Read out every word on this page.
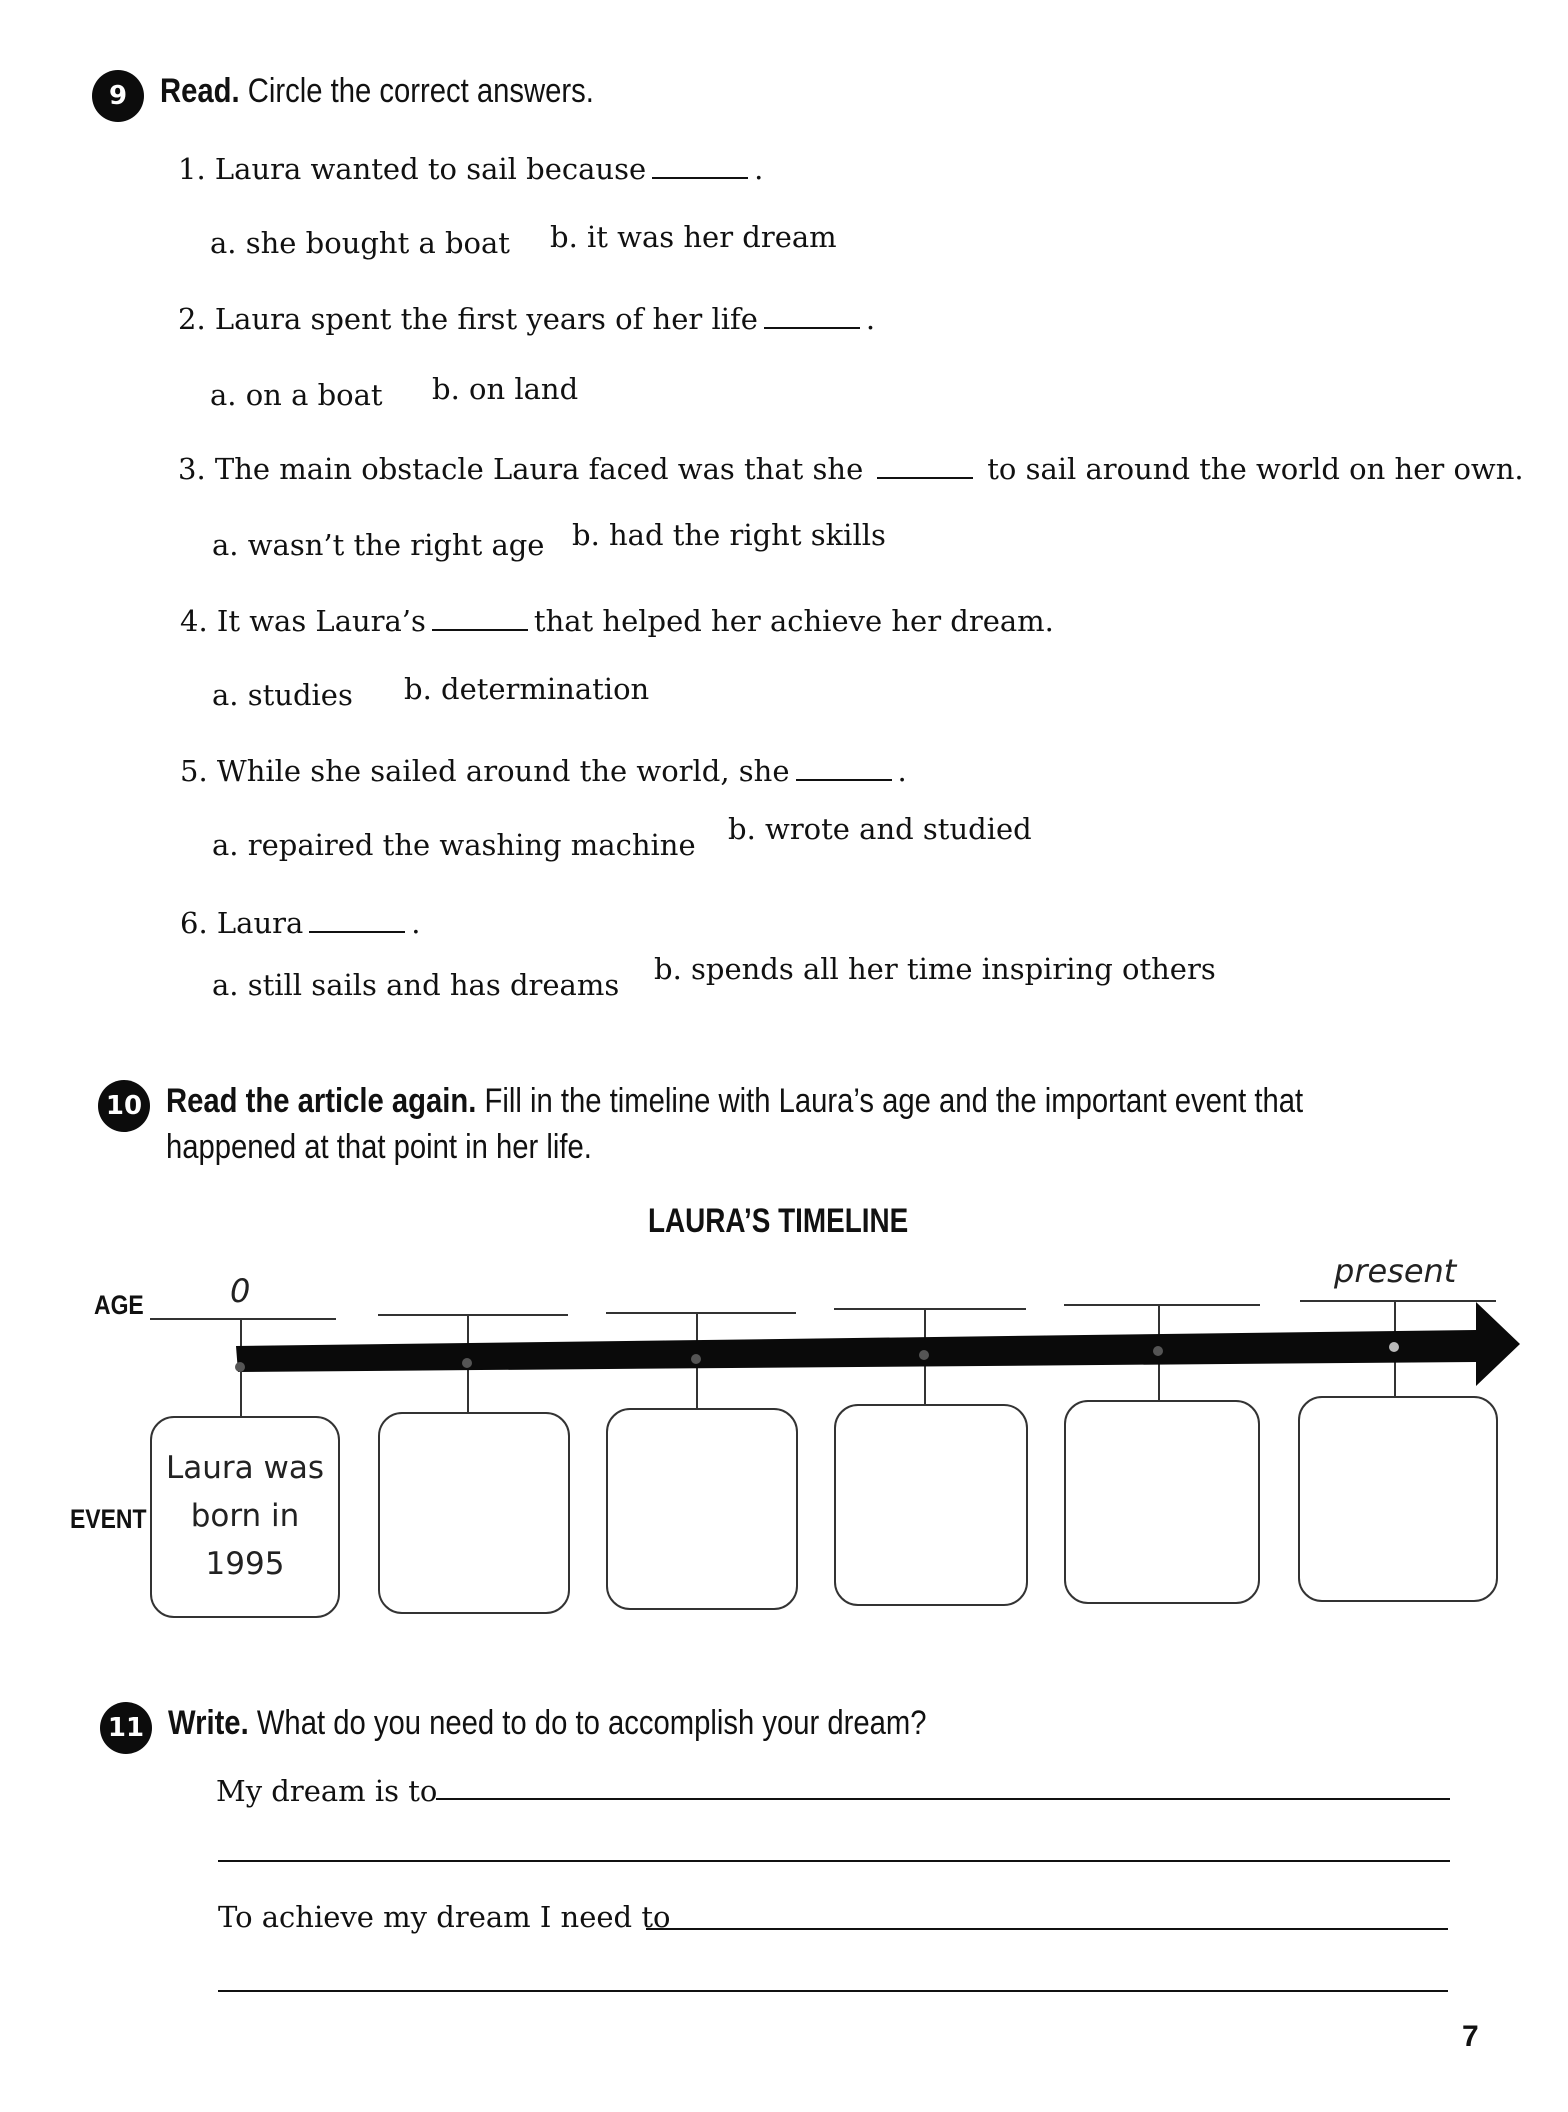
9 Read. Circle the correct answers.
1. Laura wanted to sail because	.
a. she bought a boat b. it was her dream
2. Laura spent the first years of her life	.
a. on a boat b. on land
3. The main obstacle Laura faced was that she	to sail around the world on her own.
a. wasn’t the right age b. had the right skills
4. It was Laura’s	that helped her achieve her dream.
a. studies b. determination
5. While she sailed around the world, she	.
a. repaired the washing machine b. wrote and studied
6. Laura	.
a. still sails and has dreams b. spends all her time inspiring others
10 Read the article again. Fill in the timeline with Laura’s age and the important event that
happened at that point in her life.
LAURA’S TIMELINE
AGE
EVENT
0
present
Laura was
born in
1995
11 Write. What do you need to do to accomplish your dream?
My dream is to
To achieve my dream I need to
7
